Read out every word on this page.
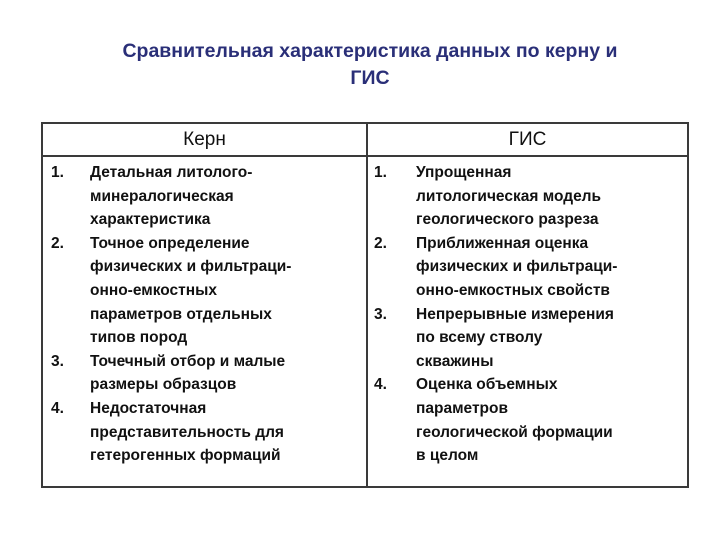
Сравнительная характеристика данных по керну и
ГИС
Керн	ГИС
1. Детальная литолого-
минералогическая
характеристика
2. Точное определение
физических и фильтраци-
онно-емкостных
параметров отдельных
типов пород
3. Точечный отбор и малые
размеры образцов
4. Недостаточная
представительность для
гетерогенных формаций
1. Упрощенная
литологическая модель
геологического разреза
2. Приближенная оценка
физических и фильтраци-
онно-емкостных свойств
3. Непрерывные измерения
по всему стволу
скважины
4. Оценка объемных
параметров
геологической формации
в целом
